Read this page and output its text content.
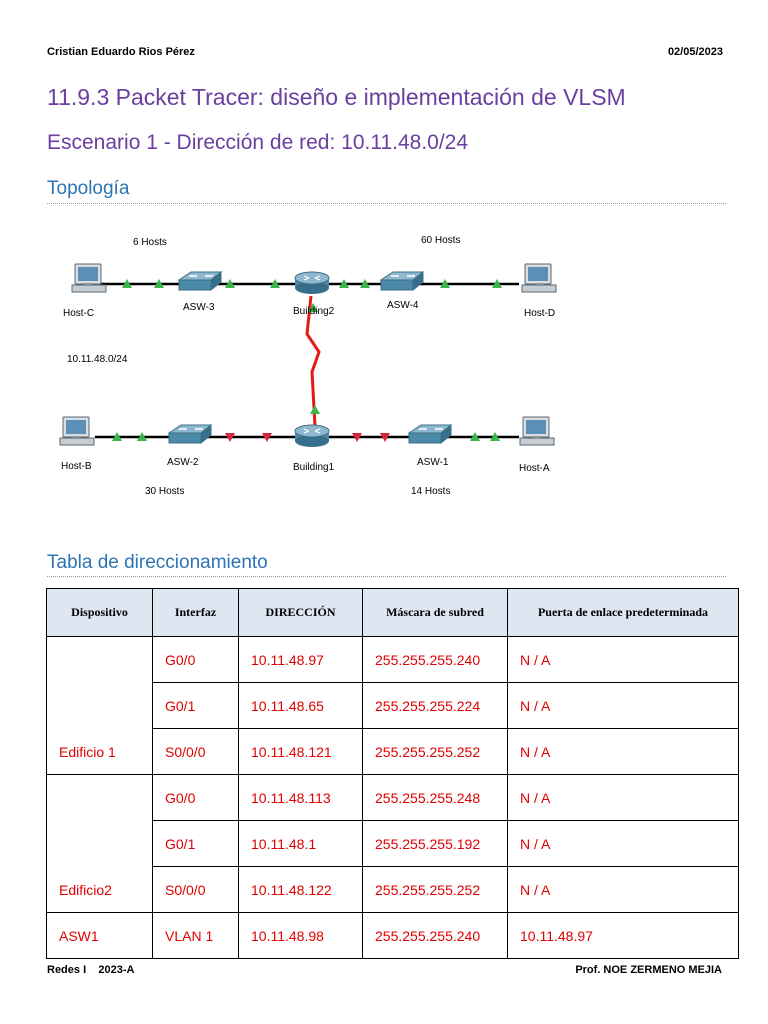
Cristian Eduardo Rios Pérez	02/05/2023
11.9.3 Packet Tracer: diseño e implementación de VLSM
Escenario 1 - Dirección de red: 10.11.48.0/24
Topología
6 Hosts	60 Hosts
Host-C
ASW-3	Building2
ASW-4
Host-D
10.11.48.0/24
Host-B	ASW-2	Building1	ASW-1
Host-A
30 Hosts	14 Hosts
Tabla de direccionamiento
Dispositivo	Interfaz	DIRECCIÓN	Máscara de subred	Puerta de enlace predeterminada
Edificio 1	G0/0	10.11.48.97	255.255.255.240	N / A
	G0/1	10.11.48.65	255.255.255.224	N / A
	S0/0/0	10.11.48.121	255.255.255.252	N / A
Edificio2	G0/0	10.11.48.113	255.255.255.248	N / A
	G0/1	10.11.48.1	255.255.255.192	N / A
	S0/0/0	10.11.48.122	255.255.255.252	N / A
ASW1	VLAN 1	10.11.48.98	255.255.255.240	10.11.48.97
Redes I    2023-A	Prof. NOE ZERMENO MEJIA
